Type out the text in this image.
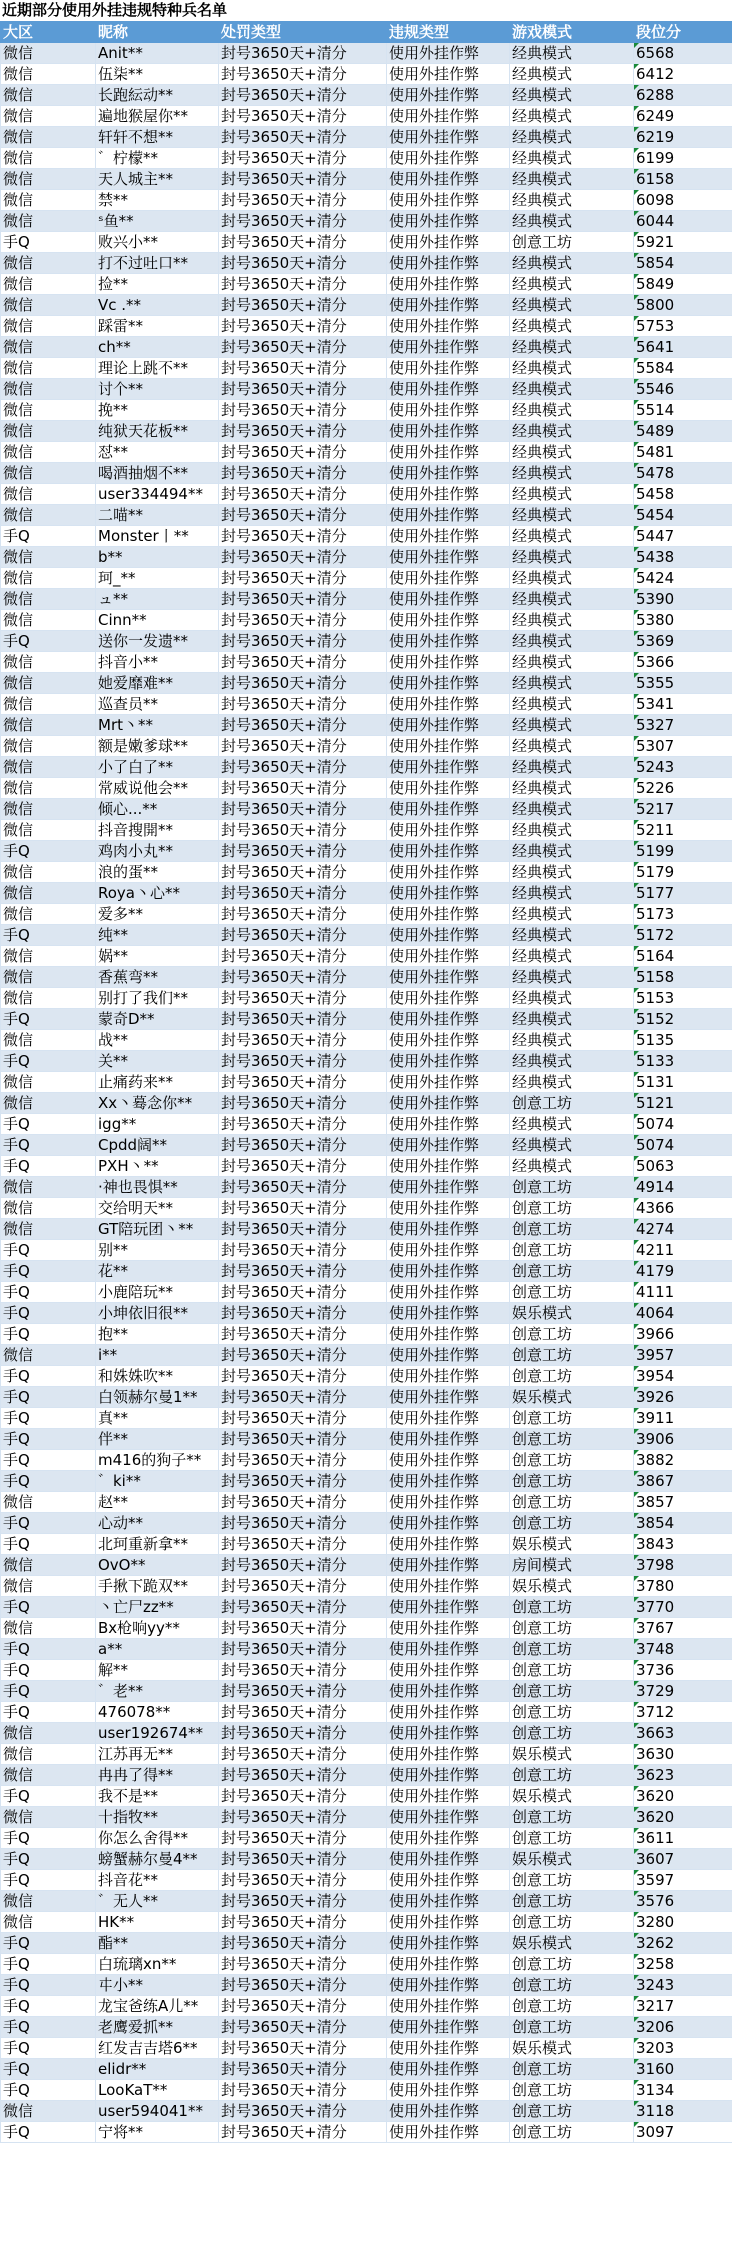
近期部分使用外挂违规特种兵名单
大区	昵称	处罚类型	违规类型	游戏模式	段位分
微信	Anit**	封号3650天+清分	使用外挂作弊	经典模式	6568
微信	伍柒**	封号3650天+清分	使用外挂作弊	经典模式	6412
微信	长跑紜动**	封号3650天+清分	使用外挂作弊	经典模式	6288
微信	遍地猴屋你**	封号3650天+清分	使用外挂作弊	经典模式	6249
微信	轩轩不想**	封号3650天+清分	使用外挂作弊	经典模式	6219
微信	゛柠檬**	封号3650天+清分	使用外挂作弊	经典模式	6199
微信	天人城主**	封号3650天+清分	使用外挂作弊	经典模式	6158
微信	禁**	封号3650天+清分	使用外挂作弊	经典模式	6098
微信	ˢ鱼**	封号3650天+清分	使用外挂作弊	经典模式	6044
手Q	败兴小**	封号3650天+清分	使用外挂作弊	创意工坊	5921
微信	打不过吐口**	封号3650天+清分	使用外挂作弊	经典模式	5854
微信	捡**	封号3650天+清分	使用外挂作弊	经典模式	5849
微信	Vc .**	封号3650天+清分	使用外挂作弊	经典模式	5800
微信	踩雷**	封号3650天+清分	使用外挂作弊	经典模式	5753
微信	ch**	封号3650天+清分	使用外挂作弊	经典模式	5641
微信	理论上跳不**	封号3650天+清分	使用外挂作弊	经典模式	5584
微信	讨个**	封号3650天+清分	使用外挂作弊	经典模式	5546
微信	挽**	封号3650天+清分	使用外挂作弊	经典模式	5514
微信	纯狱天花板**	封号3650天+清分	使用外挂作弊	经典模式	5489
微信	怼**	封号3650天+清分	使用外挂作弊	经典模式	5481
微信	喝酒抽烟不**	封号3650天+清分	使用外挂作弊	经典模式	5478
微信	user334494**	封号3650天+清分	使用外挂作弊	经典模式	5458
微信	二喵**	封号3650天+清分	使用外挂作弊	经典模式	5454
手Q	Monster丨**	封号3650天+清分	使用外挂作弊	经典模式	5447
微信	b**	封号3650天+清分	使用外挂作弊	经典模式	5438
微信	珂_**	封号3650天+清分	使用外挂作弊	经典模式	5424
微信	ュ**	封号3650天+清分	使用外挂作弊	经典模式	5390
微信	Cinn**	封号3650天+清分	使用外挂作弊	经典模式	5380
手Q	送你一发遗**	封号3650天+清分	使用外挂作弊	经典模式	5369
微信	抖音小**	封号3650天+清分	使用外挂作弊	经典模式	5366
微信	她爱靡难**	封号3650天+清分	使用外挂作弊	经典模式	5355
微信	巡查员**	封号3650天+清分	使用外挂作弊	经典模式	5341
微信	Mrt丶**	封号3650天+清分	使用外挂作弊	经典模式	5327
微信	额是嫩爹球**	封号3650天+清分	使用外挂作弊	经典模式	5307
微信	小了白了**	封号3650天+清分	使用外挂作弊	经典模式	5243
微信	常威说他会**	封号3650天+清分	使用外挂作弊	经典模式	5226
微信	倾心...**	封号3650天+清分	使用外挂作弊	经典模式	5217
微信	抖音搜開**	封号3650天+清分	使用外挂作弊	经典模式	5211
手Q	鸡肉小丸**	封号3650天+清分	使用外挂作弊	经典模式	5199
微信	浪的蛋**	封号3650天+清分	使用外挂作弊	经典模式	5179
微信	Roya丶心**	封号3650天+清分	使用外挂作弊	经典模式	5177
微信	爱多**	封号3650天+清分	使用外挂作弊	经典模式	5173
手Q	纯**	封号3650天+清分	使用外挂作弊	经典模式	5172
微信	娲**	封号3650天+清分	使用外挂作弊	经典模式	5164
微信	香蕉弯**	封号3650天+清分	使用外挂作弊	经典模式	5158
微信	别打了我们**	封号3650天+清分	使用外挂作弊	经典模式	5153
手Q	蒙奇D**	封号3650天+清分	使用外挂作弊	经典模式	5152
微信	战**	封号3650天+清分	使用外挂作弊	经典模式	5135
手Q	关**	封号3650天+清分	使用外挂作弊	经典模式	5133
微信	止痛药来**	封号3650天+清分	使用外挂作弊	经典模式	5131
微信	Xx丶蓦念你**	封号3650天+清分	使用外挂作弊	创意工坊	5121
手Q	igg**	封号3650天+清分	使用外挂作弊	经典模式	5074
手Q	Cpdd阔**	封号3650天+清分	使用外挂作弊	经典模式	5074
手Q	PXH丶**	封号3650天+清分	使用外挂作弊	经典模式	5063
微信	·神也畏惧**	封号3650天+清分	使用外挂作弊	创意工坊	4914
微信	交给明天**	封号3650天+清分	使用外挂作弊	创意工坊	4366
微信	GT陪玩团丶**	封号3650天+清分	使用外挂作弊	创意工坊	4274
手Q	别**	封号3650天+清分	使用外挂作弊	创意工坊	4211
手Q	花**	封号3650天+清分	使用外挂作弊	创意工坊	4179
手Q	小鹿陪玩**	封号3650天+清分	使用外挂作弊	创意工坊	4111
手Q	小坤依旧很**	封号3650天+清分	使用外挂作弊	娱乐模式	4064
手Q	抱**	封号3650天+清分	使用外挂作弊	创意工坊	3966
微信	i**	封号3650天+清分	使用外挂作弊	创意工坊	3957
手Q	和姝姝吹**	封号3650天+清分	使用外挂作弊	创意工坊	3954
手Q	白领赫尔曼1**	封号3650天+清分	使用外挂作弊	娱乐模式	3926
手Q	真**	封号3650天+清分	使用外挂作弊	创意工坊	3911
手Q	伴**	封号3650天+清分	使用外挂作弊	创意工坊	3906
手Q	m416的狗子**	封号3650天+清分	使用外挂作弊	创意工坊	3882
手Q	゛ki**	封号3650天+清分	使用外挂作弊	创意工坊	3867
微信	赵**	封号3650天+清分	使用外挂作弊	创意工坊	3857
手Q	心动**	封号3650天+清分	使用外挂作弊	创意工坊	3854
手Q	北珂重新拿**	封号3650天+清分	使用外挂作弊	娱乐模式	3843
微信	OvO**	封号3650天+清分	使用外挂作弊	房间模式	3798
微信	手揪下跪双**	封号3650天+清分	使用外挂作弊	娱乐模式	3780
手Q	丶亡尸zz**	封号3650天+清分	使用外挂作弊	创意工坊	3770
微信	Bx枪响yy**	封号3650天+清分	使用外挂作弊	创意工坊	3767
手Q	a**	封号3650天+清分	使用外挂作弊	创意工坊	3748
手Q	解**	封号3650天+清分	使用外挂作弊	创意工坊	3736
手Q	゛老**	封号3650天+清分	使用外挂作弊	创意工坊	3729
手Q	476078**	封号3650天+清分	使用外挂作弊	创意工坊	3712
微信	user192674**	封号3650天+清分	使用外挂作弊	创意工坊	3663
微信	江苏再无**	封号3650天+清分	使用外挂作弊	娱乐模式	3630
微信	冉冉了得**	封号3650天+清分	使用外挂作弊	创意工坊	3623
手Q	我不是**	封号3650天+清分	使用外挂作弊	娱乐模式	3620
微信	十指牧**	封号3650天+清分	使用外挂作弊	创意工坊	3620
手Q	你怎么舍得**	封号3650天+清分	使用外挂作弊	创意工坊	3611
手Q	螃蟹赫尔曼4**	封号3650天+清分	使用外挂作弊	娱乐模式	3607
手Q	抖音花**	封号3650天+清分	使用外挂作弊	创意工坊	3597
微信	゛无人**	封号3650天+清分	使用外挂作弊	创意工坊	3576
微信	HK**	封号3650天+清分	使用外挂作弊	创意工坊	3280
手Q	酯**	封号3650天+清分	使用外挂作弊	娱乐模式	3262
手Q	白琉璃xn**	封号3650天+清分	使用外挂作弊	创意工坊	3258
手Q	㐄小**	封号3650天+清分	使用外挂作弊	创意工坊	3243
手Q	龙宝爸练A儿**	封号3650天+清分	使用外挂作弊	创意工坊	3217
手Q	老鹰爱抓**	封号3650天+清分	使用外挂作弊	创意工坊	3206
手Q	红发吉吉塔6**	封号3650天+清分	使用外挂作弊	娱乐模式	3203
手Q	elidr**	封号3650天+清分	使用外挂作弊	创意工坊	3160
手Q	LooKaT**	封号3650天+清分	使用外挂作弊	创意工坊	3134
微信	user594041**	封号3650天+清分	使用外挂作弊	创意工坊	3118
手Q	宁将**	封号3650天+清分	使用外挂作弊	创意工坊	3097
